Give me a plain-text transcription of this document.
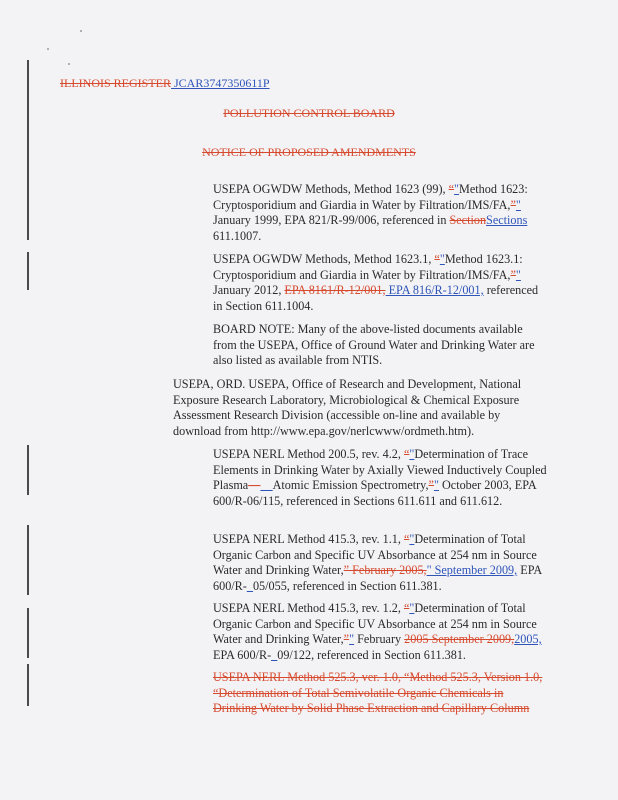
ILLINOIS REGISTER JCAR3747350611P
POLLUTION CONTROL BOARD
NOTICE OF PROPOSED AMENDMENTS
USEPA OGWDW Methods, Method 1623 (99), “"Method 1623: Cryptosporidium and Giardia in Water by Filtration/IMS/FA,”" January 1999, EPA 821/R-99/006, referenced in SectionSections 611.1007.
USEPA OGWDW Methods, Method 1623.1, “"Method 1623.1: Cryptosporidium and Giardia in Water by Filtration/IMS/FA,”" January 2012, EPA 8161/R-12/001, EPA 816/R-12/001, referenced in Section 611.1004.
BOARD NOTE: Many of the above-listed documents available from the USEPA, Office of Ground Water and Drinking Water are also listed as available from NTIS.
USEPA, ORD. USEPA, Office of Research and Development, National Exposure Research Laboratory, Microbiological & Chemical Exposure Assessment Research Division (accessible on-line and available by download from http://www.epa.gov/nerlcwww/ordmeth.htm).
USEPA NERL Method 200.5, rev. 4.2, “"Determination of Trace Elements in Drinking Water by Axially Viewed Inductively Coupled Plasma—__Atomic Emission Spectrometry,”" October 2003, EPA 600/R-06/115, referenced in Sections 611.611 and 611.612.
USEPA NERL Method 415.3, rev. 1.1, “"Determination of Total Organic Carbon and Specific UV Absorbance at 254 nm in Source Water and Drinking Water,” February 2005," September 2009, EPA 600/R-_05/055, referenced in Section 611.381.
USEPA NERL Method 415.3, rev. 1.2, “"Determination of Total Organic Carbon and Specific UV Absorbance at 254 nm in Source Water and Drinking Water,”" February 2005 September 2009,2005, EPA 600/R-_09/122, referenced in Section 611.381.
USEPA NERL Method 525.3, ver. 1.0, “Method 525.3, Version 1.0, “Determination of Total Semivolatile Organic Chemicals in Drinking Water by Solid Phase Extraction and Capillary Column
